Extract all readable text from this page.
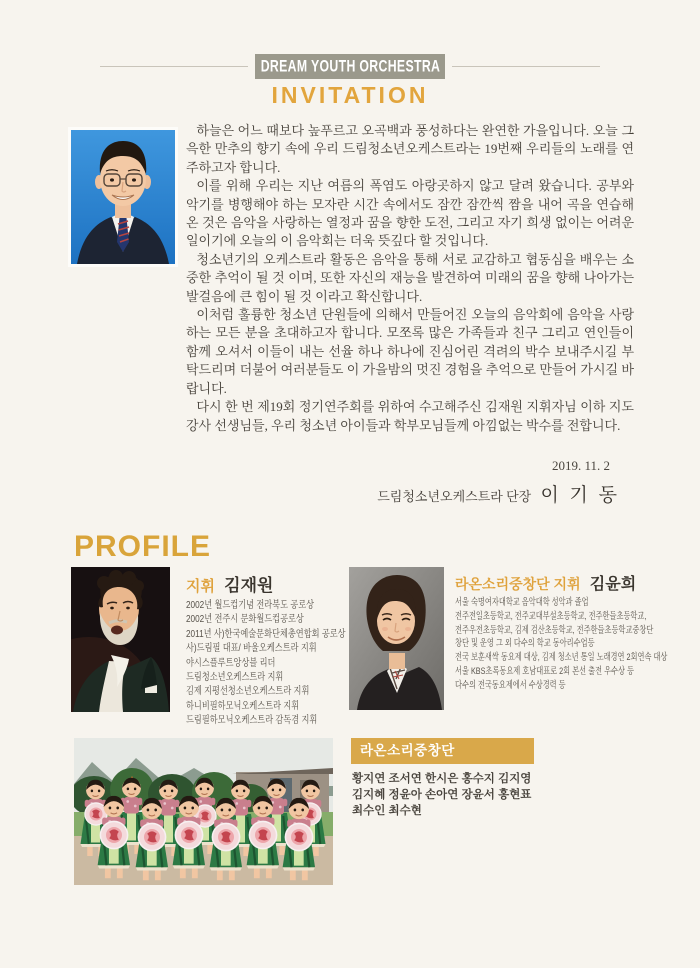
DREAM YOUTH ORCHESTRA
INVITATION

하늘은 어느 때보다 높푸르고 오곡백과 풍성하다는 완연한 가을입니다. 오늘 그윽한 만추의 향기 속에 우리 드림청소년오케스트라는 19번째 우리들의 노래를 연주하고자 합니다.

이를 위해 우리는 지난 여름의 폭염도 아랑곳하지 않고 달려 왔습니다. 공부와 악기를 병행해야 하는 모자란 시간 속에서도 잠깐 잠깐씩 짬을 내어 곡을 연습해 온 것은 음악을 사랑하는 열정과 꿈을 향한 도전, 그리고 자기 희생 없이는 어려운 일이기에 오늘의 이 음악회는 더욱 뜻깊다 할 것입니다.

청소년기의 오케스트라 활동은 음악을 통해 서로 교감하고 협동심을 배우는 소중한 추억이 될 것 이며, 또한 자신의 재능을 발견하여 미래의 꿈을 향해 나아가는 발걸음에 큰 힘이 될 것 이라고 확신합니다.

이처럼 훌륭한 청소년 단원들에 의해서 만들어진 오늘의 음악회에 음악을 사랑하는 모든 분을 초대하고자 합니다. 모쪼록 많은 가족들과 친구 그리고 연인들이 함께 오셔서 이들이 내는 선율 하나 하나에 진심어린 격려의 박수 보내주시길 부탁드리며 더불어 여러분들도 이 가을밤의 멋진 경험을 추억으로 만들어 가시길 바랍니다.

다시 한 번 제19회 정기연주회를 위하여 수고해주신 김재원 지휘자님 이하 지도강사 선생님들, 우리 청소년 아이들과 학부모님들께 아낌없는 박수를 전합니다.

2019. 11. 2
드림청소년오케스트라 단장 이 기 동
PROFILE
지휘 김재원
2002년 월드컵기념 전라북도 공로상
2002년 전주시 문화월드컵공로상
2011년 사)한국예술문화단체총연합회 공로상
사)드림필 대표/ 바울오케스트라 지휘
야시스플루트앙상블 리더
드림청소년오케스트라 지휘
김제 지평선청소년오케스트라 지휘
하니비필하모닉오케스트라 지휘
드림필하모닉오케스트라 감독겸 지휘
라온소리중창단 지휘 김윤희
서울 숙명여자대학교 음악대학 성악과 졸업
전주전일초등학교, 전주교대부설초등학교, 전주한들초등학교,
전주우전초등학교, 김제 검산초등학교, 전주한들초등학교중창단
창단 및 운영 그 외 다수의 학교 동아리수업등
전국 보훈새싹 동요제 대상, 김제 청소년 통일 노래경연 2회연속 대상
서울 KBS초록동요제 호남대표로 2회 본선 출전 우수상 등
다수의 전국동요제에서 수상경력 등
라온소리중창단
황지연 조서연 한시은 홍수지 김지영
김지혜 정윤아 손아연 장윤서 홍현표
최수인 최수현
